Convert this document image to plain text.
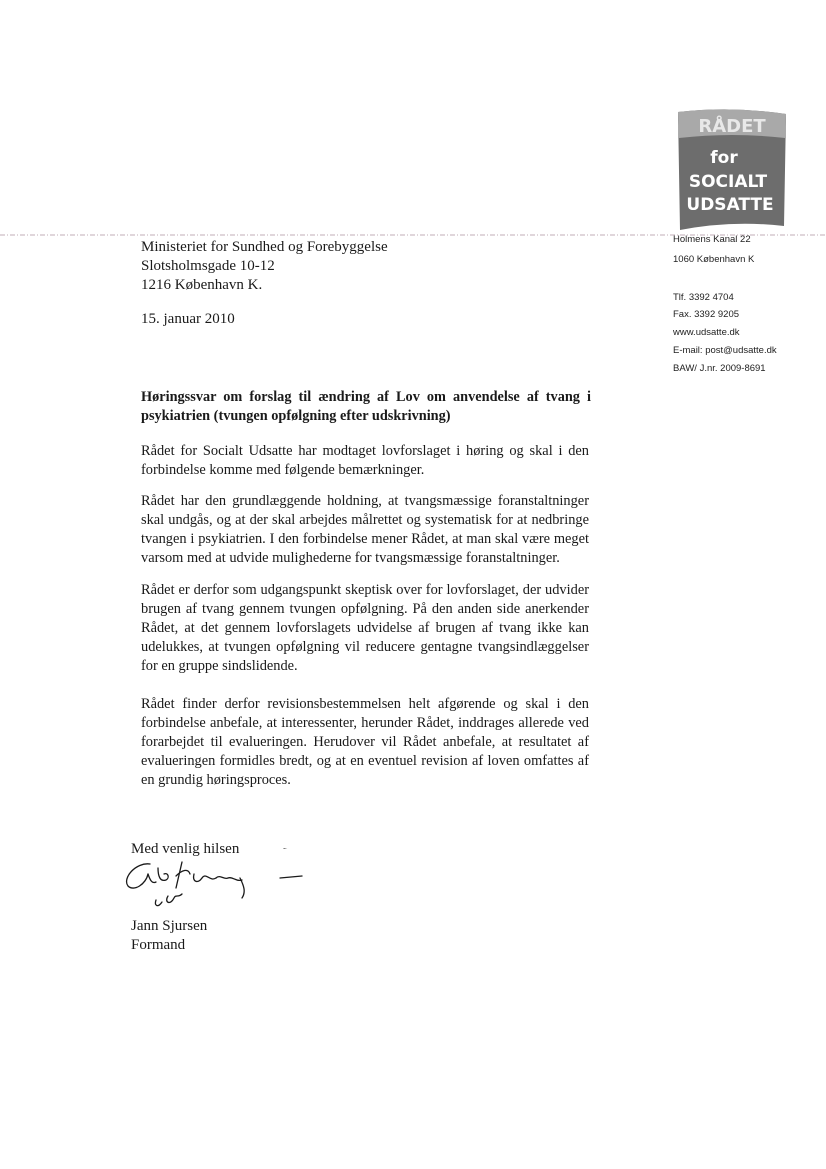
RÅDET
for
SOCIALT
UDSATTE
Ministeriet for Sundhed og Forebyggelse
Slotsholmsgade 10-12
1216 København K.
15. januar 2010
Holmens Kanal 22
1060 København K
Tlf. 3392 4704
Fax. 3392 9205
www.udsatte.dk
E-mail: post@udsatte.dk
BAW/ J.nr. 2009-8691
Høringssvar om forslag til ændring af Lov om anvendelse af tvang i psykiatrien (tvungen opfølgning efter udskrivning)
Rådet for Socialt Udsatte har modtaget lovforslaget i høring og skal i den forbindelse komme med følgende bemærkninger.
Rådet har den grundlæggende holdning, at tvangsmæssige foranstaltninger skal undgås, og at der skal arbejdes målrettet og systematisk for at nedbringe tvangen i psykiatrien. I den forbindelse mener Rådet, at man skal være meget varsom med at udvide mulighederne for tvangsmæssige foranstaltninger.
Rådet er derfor som udgangspunkt skeptisk over for lovforslaget, der udvider brugen af tvang gennem tvungen opfølgning. På den anden side anerkender Rådet, at det gennem lovforslagets udvidelse af brugen af tvang ikke kan udelukkes, at tvungen opfølgning vil reducere gentagne tvangsindlæggelser for en gruppe sindslidende.
Rådet finder derfor revisionsbestemmelsen helt afgørende og skal i den forbindelse anbefale, at interessenter, herunder Rådet, inddrages allerede ved forarbejdet til evalueringen. Herudover vil Rådet anbefale, at resultatet af evalueringen formidles bredt, og at en eventuel revision af loven omfattes af en grundig høringsproces.
Med venlig hilsen
Jann Sjursen
Formand
